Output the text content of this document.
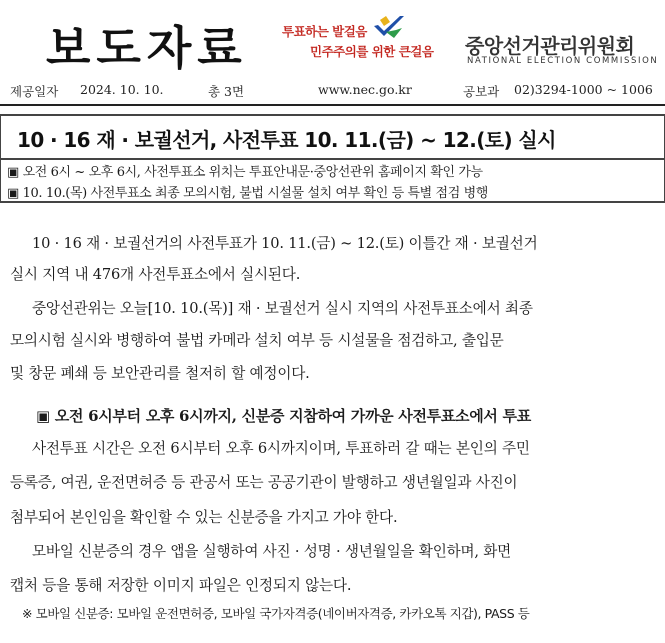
보도자료	투표하는 발걸음
민주주의를 위한 큰걸음 중앙선거관리위원회
NATIONAL ELECTION COMMISSION
제공일자 2024. 10. 10.	총 3면	www.nec.go.kr	공보과 02)3294-1000 ~ 1006
10 · 16 재 · 보궐선거, 사전투표 10. 11.(금) ~ 12.(토) 실시
▣ 오전 6시 ~ 오후 6시, 사전투표소 위치는 투표안내문·중앙선관위 홈페이지 확인 가능
▣ 10. 10.(목) 사전투표소 최종 모의시험, 불법 시설물 설치 여부 확인 등 특별 점검 병행
10 · 16 재 · 보궐선거의 사전투표가 10. 11.(금) ~ 12.(토) 이틀간 재 · 보궐선거
실시 지역 내 476개 사전투표소에서 실시된다.
중앙선관위는 오늘[10. 10.(목)] 재 · 보궐선거 실시 지역의 사전투표소에서 최종
모의시험 실시와 병행하여 불법 카메라 설치 여부 등 시설물을 점검하고, 출입문
및 창문 폐쇄 등 보안관리를 철저히 할 예정이다.
▣ 오전 6시부터 오후 6시까지, 신분증 지참하여 가까운 사전투표소에서 투표
사전투표 시간은 오전 6시부터 오후 6시까지이며, 투표하러 갈 때는 본인의 주민
등록증, 여권, 운전면허증 등 관공서 또는 공공기관이 발행하고 생년월일과 사진이
첨부되어 본인임을 확인할 수 있는 신분증을 가지고 가야 한다.
모바일 신분증의 경우 앱을 실행하여 사진 · 성명 · 생년월일을 확인하며, 화면
캡처 등을 통해 저장한 이미지 파일은 인정되지 않는다.
※ 모바일 신분증: 모바일 운전면허증, 모바일 국가자격증(네이버자격증, 카카오톡 지갑), PASS 등
